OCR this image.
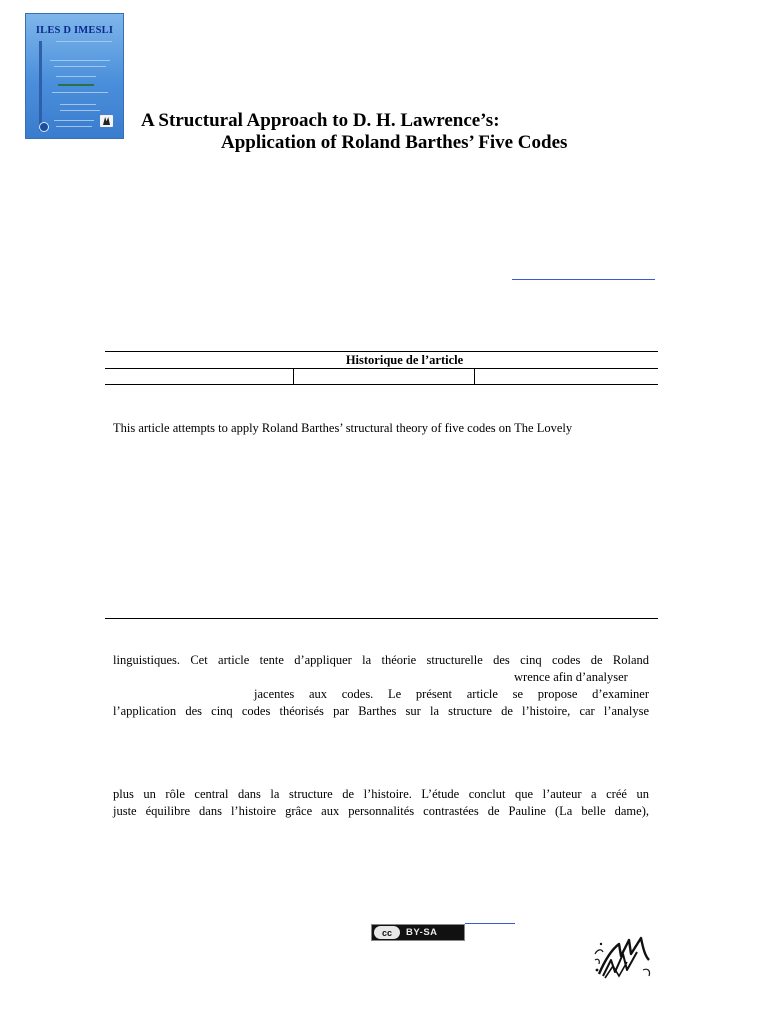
ILES D IMESLI
A Structural Approach to D. H. Lawrence’s:
Application of Roland Barthes’ Five Codes
Historique de l’article
This article attempts to apply Roland Barthes’ structural theory of five codes on The Lovely
linguistiques. Cet article tente d’appliquer la théorie structurelle des cinq codes de Roland
wrence afin d’analyser
jacentes aux codes. Le présent article se propose d’examiner
l’application des cinq codes théorisés par Barthes sur la structure de l’histoire, car l’analyse
plus un rôle central dans la structure de l’histoire. L’étude conclut que l’auteur a créé un
juste équilibre dans l’histoire grâce aux personnalités contrastées de Pauline (La belle dame),
cc	BY-SA
